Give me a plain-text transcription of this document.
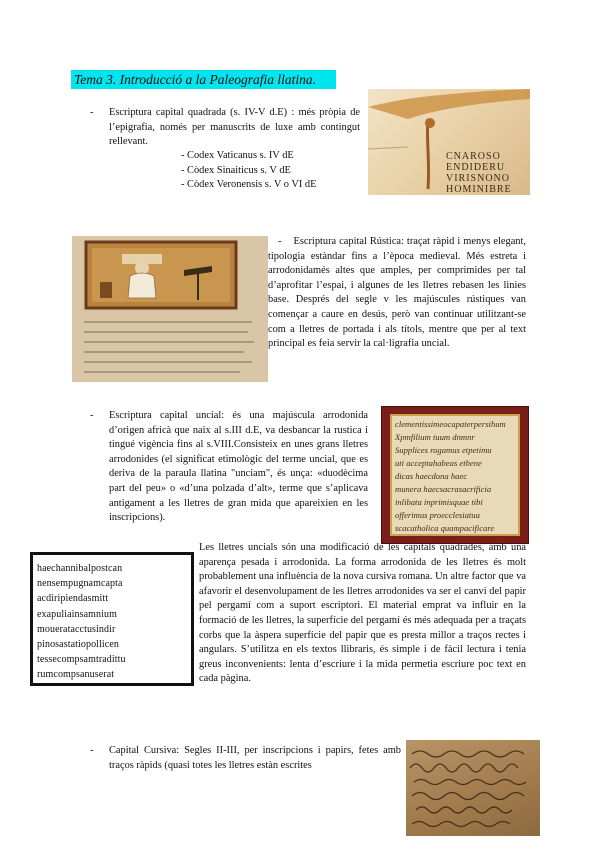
Tema 3. Introducció a la Paleografia llatina.
- Escriptura capital quadrada (s. IV-V d.E) : més pròpia de l’epigrafia, només per manuscrits de luxe amb contingut rellevant.
- Codex Vaticanus s. IV dE
- Còdex Sinaiticus s. V dE
- Còdex Veronensis s. V o VI dE
CNAROSO
ENDIDERU
VIRISNONO
HOMINIBRE
- Escriptura capital Rústica: traçat ràpid i menys elegant, tipologia estàndar fins a l’època medieval. Més estreta i arrodonidamés altes que amples, per comprimides per tal d’aprofitar l’espai, i algunes de les lletres rebasen les linies base. Després del segle v les majúscules rústiques van començar a caure en desús, però van continuar utilitzant-se com a lletres de portada i als títols, mentre que per al text principal es feia servir la cal·ligrafia uncial.
- Escriptura capital uncial: és una majúscula arrodonida d’origen africà que naix al s.III d.E, va desbancar la rustica i tingué vigència fins al s.VIII.Consisteix en unes grans lletres arrodonides (el significat etimològic del terme uncial, que es deriva de la paraula llatina "unciam", és unça: «duodècima part del peu» o «d’una polzada d’alt», terme que s’aplicava antigament a les lletres de gran mida que apareixien en les inscripcions).
clementissimeocapaterpersihum
Xpmfilium tuum dnmnr
Supplices rogamus etpetimu
uti acceptahabeas etbene
dicas haecdona haec
munera haecsacrasacrificia
inlibata inprimisquae tibi
offerimus proecclesiatua
scacatholica quampacificare
haechannibalpostcan
nensempugnamcapta
acdiripiendasmitt
exapuliainsamnium
moueratacctusindir
pinosastatiopollicen
tessecompsamtradittu
rumcompsanuserat
Les lletres uncials són una modificació de les capitals quadrades, amb una aparença pesada i arrodonida. La forma arrodonida de les lletres és molt probablement una influència de la nova cursiva romana. Un altre factor que va afavorir el desenvolupament de les lletres arrodonides va ser el canvi del papir pel pergamí com a suport escriptori. El material emprat va influir en la formació de les lletres, la superfície del pergamí és més adequada per a traçats corbs que la àspera superfície del papir que es presta millor a traços rectes i angulars. S’utilitza en els textos llibraris, és simple i de fàcil lectura i tenia greus inconvenients: lenta d’escriure i la mida permetia escriure poc text en cada pàgina.
- Capital Cursiva: Segles II-III, per inscripcions i papirs, fetes amb traços ràpids (quasi totes les lletres estàn escrites
